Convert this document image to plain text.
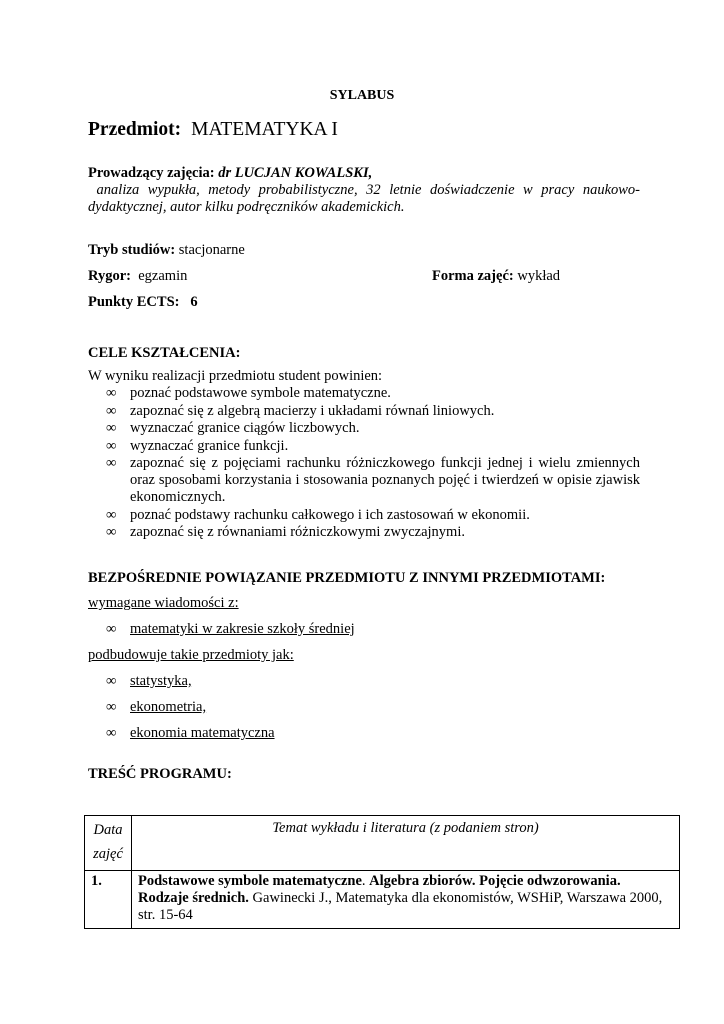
SYLABUS
Przedmiot: MATEMATYKA I
Prowadzący zajęcia: dr LUCJAN KOWALSKI,
analiza wypukła, metody probabilistyczne, 32 letnie doświadczenie w pracy naukowo-dydaktycznej, autor kilku podręczników akademickich.
Tryb studiów: stacjonarne
Rygor: egzamin	Forma zajęć: wykład
Punkty ECTS: 6
CELE KSZTAŁCENIA:
W wyniku realizacji przedmiotu student powinien:
∞ poznać podstawowe symbole matematyczne.
∞ zapoznać się z algebrą macierzy i układami równań liniowych.
∞ wyznaczać granice ciągów liczbowych.
∞ wyznaczać granice funkcji.
∞ zapoznać się z pojęciami rachunku różniczkowego funkcji jednej i wielu zmiennych oraz sposobami korzystania i stosowania poznanych pojęć i twierdzeń w opisie zjawisk ekonomicznych.
∞ poznać podstawy rachunku całkowego i ich zastosowań w ekonomii.
∞ zapoznać się z równaniami różniczkowymi zwyczajnymi.
BEZPOŚREDNIE POWIĄZANIE PRZEDMIOTU Z INNYMI PRZEDMIOTAMI:
wymagane wiadomości z:
∞ matematyki w zakresie szkoły średniej
podbudowuje takie przedmioty jak:
∞ statystyka,
∞ ekonometria,
∞ ekonomia matematyczna
TREŚĆ PROGRAMU:
Data
zajęć	Temat wykładu i literatura (z podaniem stron)
1.	Podstawowe symbole matematyczne. Algebra zbiorów. Pojęcie odwzorowania. Rodzaje średnich. Gawinecki J., Matematyka dla ekonomistów, WSHiP, Warszawa 2000, str. 15-64
